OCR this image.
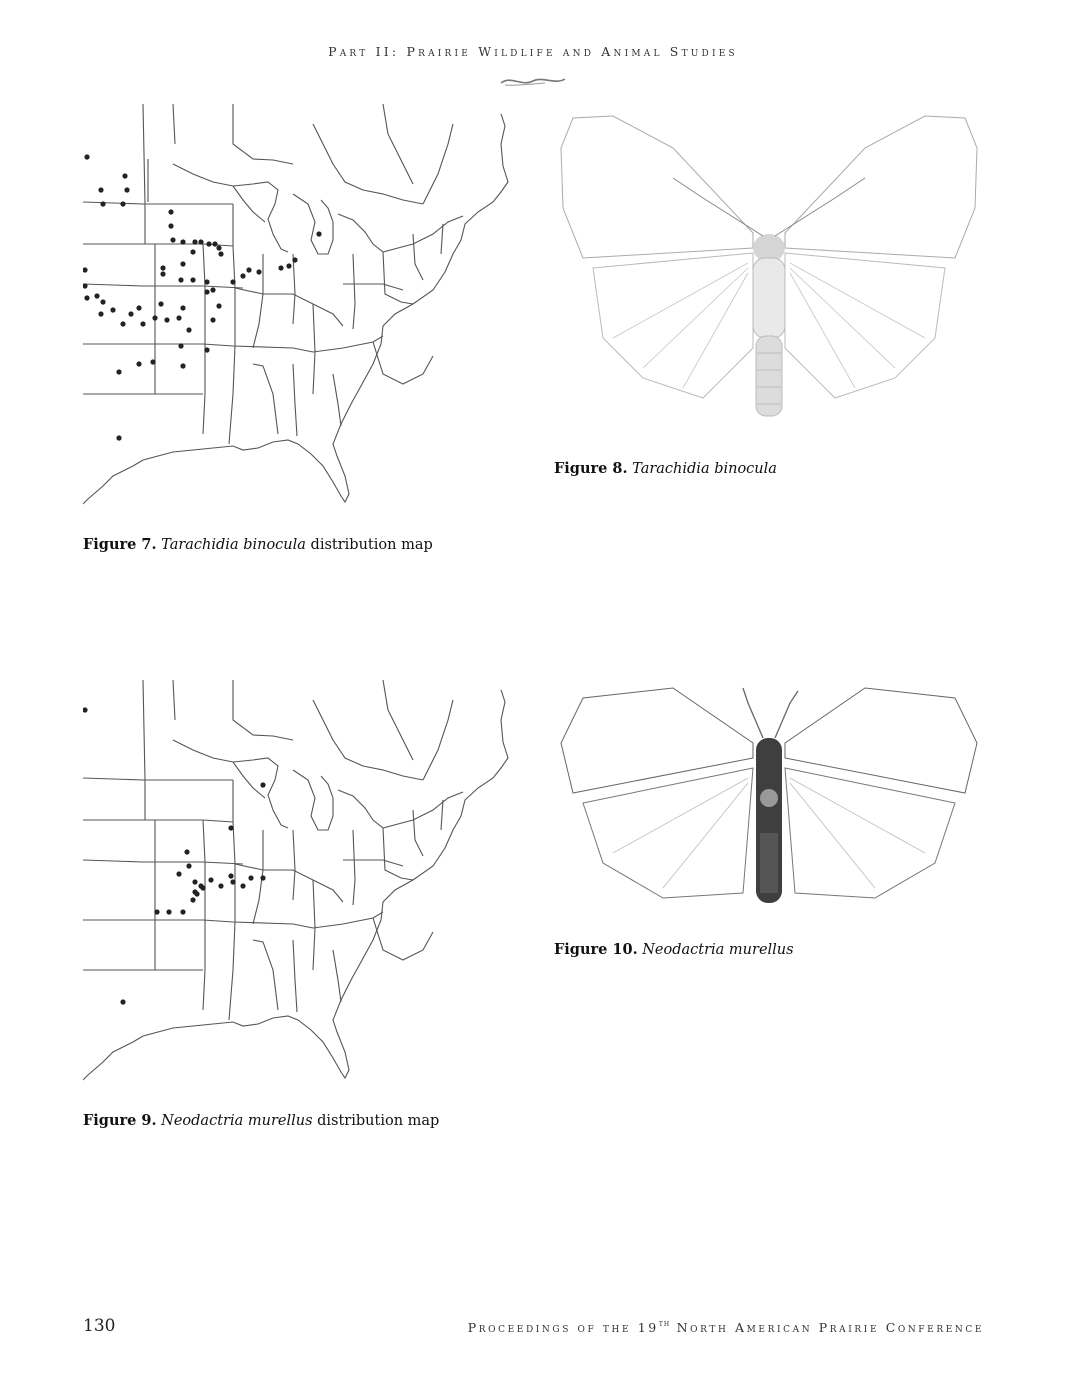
Part II: Prairie Wildlife and Animal Studies
Figure 7. Tarachidia binocula distribution map
Figure 8. Tarachidia binocula
Figure 9. Neodactria murellus distribution map
Figure 10. Neodactria murellus
130	Proceedings of the 19th North American Prairie Conference
